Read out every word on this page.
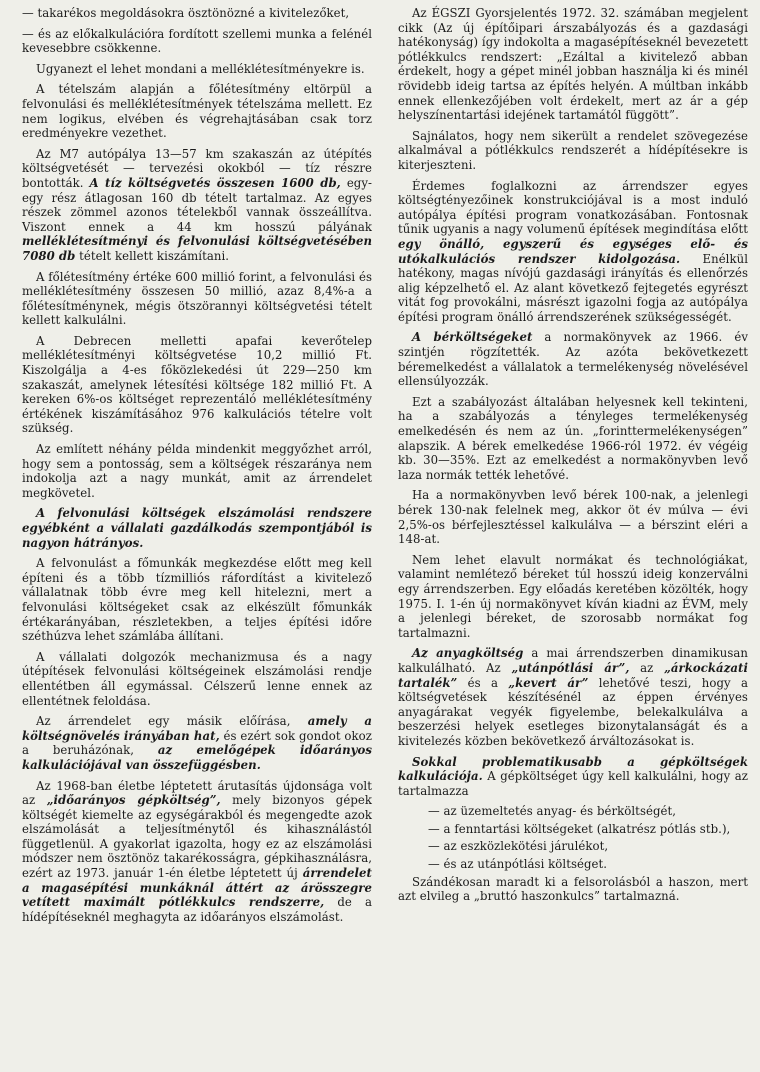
— takarékos megoldásokra ösztönözné a kivitelezőket,

— és az előkalkulációra fordított szellemi munka a felénél kevesebbre csökkenne.

Ugyanezt el lehet mondani a melléklétesítményekre is.

A tételszám alapján a főlétesítmény eltörpül a felvonulási és melléklétesítmények tételszáma mellett. Ez nem logikus, elvében és végrehajtásában csak torz eredményekre vezethet.

Az M7 autópálya 13—57 km szakaszán az útépítés költségvetését — tervezési okokból — tíz részre bontották. A tíz költségvetés összesen 1600 db, egy-egy rész átlagosan 160 db tételt tartalmaz. Az egyes részek zömmel azonos tételekből vannak összeállítva. Viszont ennek a 44 km hosszú pályának melléklétesítményi és felvonulási költségvetésében 7080 db tételt kellett kiszámítani.

A főlétesítmény értéke 600 millió forint, a felvonulási és melléklétesítmény összesen 50 millió, azaz 8,4%-a a főlétesítménynek, mégis ötszörannyi költségvetési tételt kellett kalkulálni.

A Debrecen melletti apafai keverőtelep melléklétesítményi költségvetése 10,2 millió Ft. Kiszolgálja a 4-es főközlekedési út 229—250 km szakaszát, amelynek létesítési költsége 182 millió Ft. A kereken 6%-os költséget reprezentáló melléklétesítmény értékének kiszámításához 976 kalkulációs tételre volt szükség.

Az említett néhány példa mindenkit meggyőzhet arról, hogy sem a pontosság, sem a költségek részaránya nem indokolja azt a nagy munkát, amit az árrendelet megkövetel.

A felvonulási költségek elszámolási rendszere egyébként a vállalati gazdálkodás szempontjából is nagyon hátrányos.

A felvonulást a főmunkák megkezdése előtt meg kell építeni és a több tízmilliós ráfordítást a kivitelező vállalatnak több évre meg kell hiteleznі, mert a felvonulási költségeket csak az elkészült főmunkák értékarányában, részletekben, a teljes építési időre széthúzva lehet számlába állítani.

A vállalati dolgozók mechanizmusa és a nagy útépítések felvonulási költségeinek elszámolási rendje ellentétben áll egymással. Célszerű lenne ennek az ellentétnek feloldása.

Az árrendelet egy másik előírása, amely a költségnövelés irányában hat, és ezért sok gondot okoz a beruházónak, az emelőgépek időarányos kalkulációjával van összefüggésben.

Az 1968-ban életbe léptetett árutasítás újdonsága volt az „időarányos gépköltség”, mely bizonyos gépek költségét kiemelte az egységárakból és megengedte azok elszámolását a teljesítménytől és kihasználástól függetlenül. A gyakorlat igazolta, hogy ez az elszámolási módszer nem ösztönöz takarékosságra, gépkihasználásra, ezért az 1973. január 1-én életbe léptetett új árrendelet a magasépítési munkáknál áttért az árösszegre vetített maximált pótlékkulcs rendszerre, de a hídépítéseknél meghagyta az időarányos elszámolást.

Az ÉGSZI Gyorsjelentés 1972. 32. számában megjelent cikk (Az új építőipari árszabályozás és a gazdasági hatékonyság) így indokolta a magasépítéseknél bevezetett pótlékkulcs rendszert: „Ezáltal a kivitelező abban érdekelt, hogy a gépet minél jobban használja ki és minél rövidebb ideig tartsa az építés helyén. A múltban inkább ennek ellenkezőjében volt érdekelt, mert az ár a gép helyszínentartási idejének tartamától függött”.

Sajnálatos, hogy nem sikerült a rendelet szövegezése alkalmával a pótlékkulcs rendszerét a hídépítésekre is kiterjeszteni.

Érdemes foglalkozni az árrendszer egyes költségtényezőinek konstrukciójával is a most induló autópálya építési program vonatkozásában. Fontosnak tűnik ugyanis a nagy volumenű építések megindítása előtt egy önálló, egyszerű és egységes elő- és utókalkulációs rendszer kidolgozása. Enélkül hatékony, magas nívójú gazdasági irányítás és ellenőrzés alig képzelhető el. Az alant következő fejtegetés egyrészt vitát fog provokálni, másrészt igazolni fogja az autópálya építési program önálló árrendszerének szükségességét.

A bérköltségeket a normakönyvek az 1966. év szintjén rögzítették. Az azóta bekövetkezett béremelkedést a vállalatok a termelékenység növelésével ellensúlyozzák.

Ezt a szabályozást általában helyesnek kell tekinteni, ha a szabályozás a tényleges termelékenység emelkedésén és nem az ún. „forinttermelékenységen” alapszik. A bérek emelkedése 1966-ról 1972. év végéig kb. 30—35%. Ezt az emelkedést a normakönyvben levő laza normák tették lehetővé.

Ha a normakönyvben levő bérek 100-nak, a jelenlegi bérek 130-nak felelnek meg, akkor öt év múlva — évi 2,5%-os bérfejlesztéssel kalkulálva — a bérszint eléri a 148-at.

Nem lehet elavult normákat és technológiákat, valamint nemlétező béreket túl hosszú ideig konzerválni egy árrendszerben. Egy előadás keretében közölték, hogy 1975. I. 1-én új normakönyvet kíván kiadni az ÉVM, mely a jelenlegi béreket, de szorosabb normákat fog tartalmazni.

Az anyagköltség a mai árrendszerben dinamikusan kalkulálható. Az „utánpótlási ár”, az „árkockázati tartalék” és a „kevert ár” lehetővé teszi, hogy a költségvetések készítésénél az éppen érvényes anyagárakat vegyék figyelembe, belekalkulálva a beszerzési helyek esetleges bizonytalanságát és a kivitelezés közben bekövetkező árváltozásokat is.

Sokkal problematikusabb a gépköltségek kalkulációja. A gépköltséget úgy kell kalkulálni, hogy az tartalmazza

— az üzemeltetés anyag- és bérköltségét,

— a fenntartási költségeket (alkatrész pótlás stb.),

— az eszközlekötési járulékot,

— és az utánpótlási költséget.

Szándékosan maradt ki a felsorolásból a haszon, mert azt elvileg a „bruttó haszonkulcs” tartalmazná.
